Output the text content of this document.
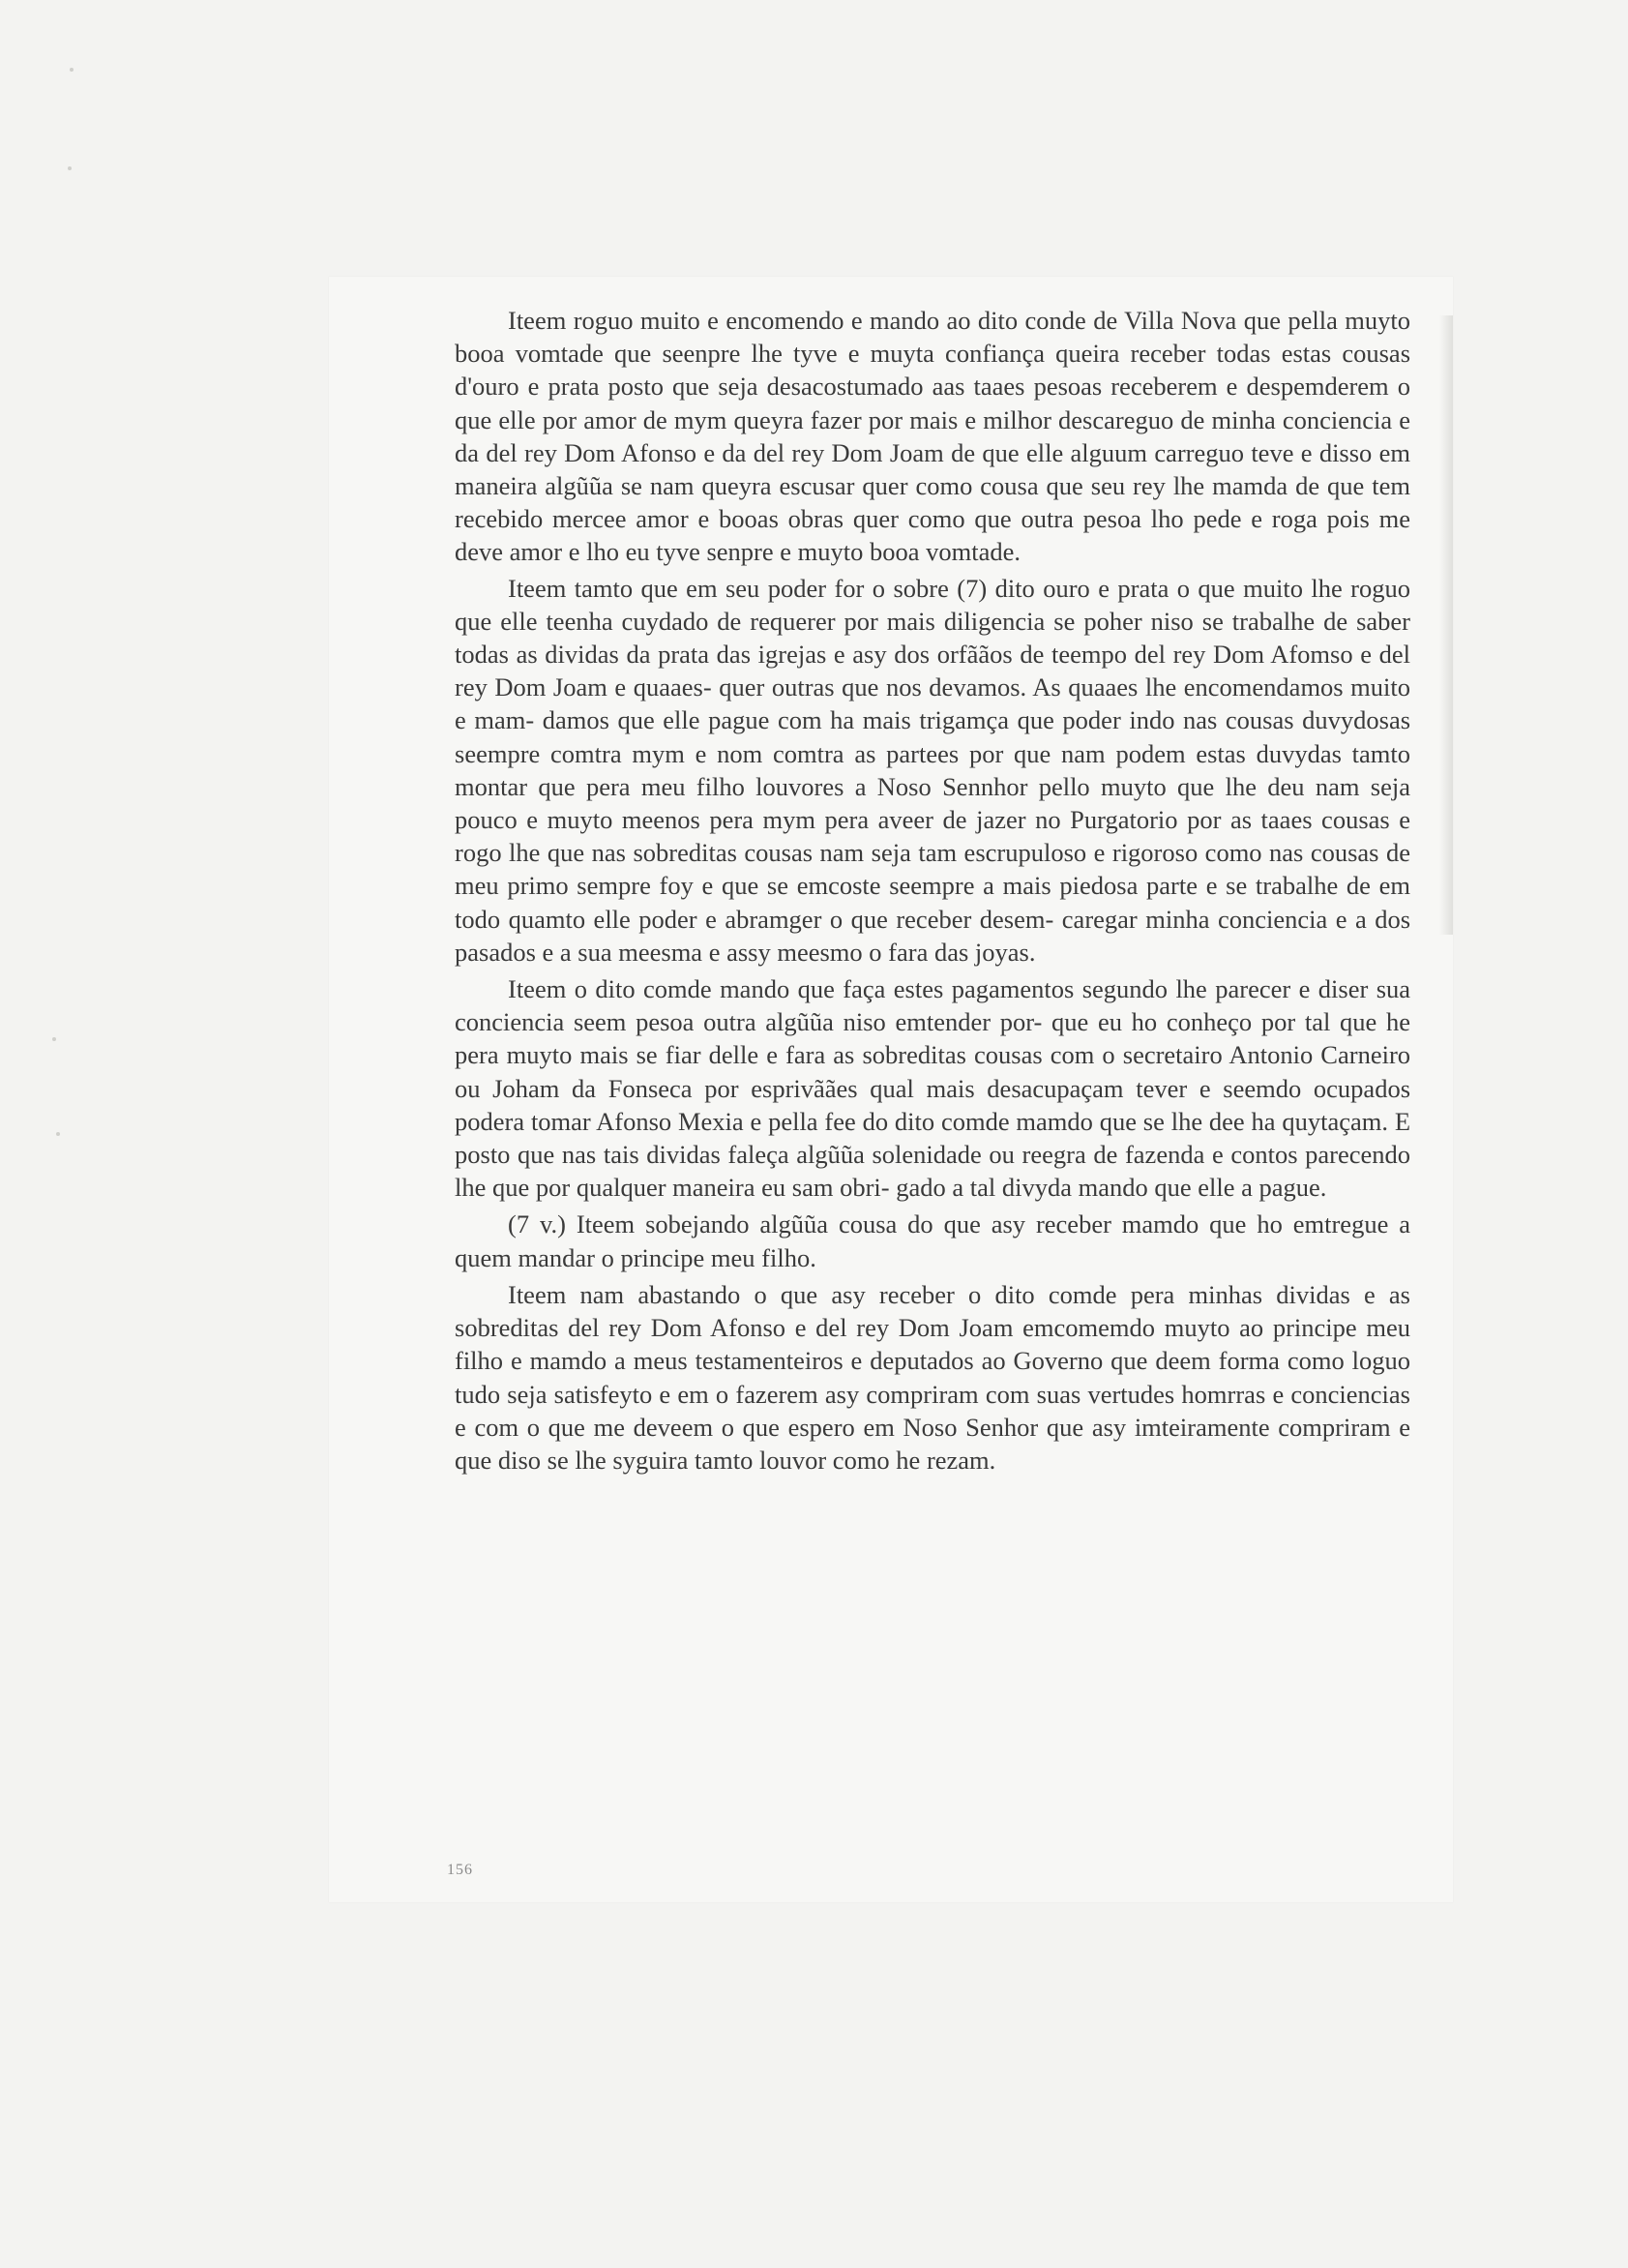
Iteem roguo muito e encomendo e mando ao dito conde de Villa Nova que pella muyto booa vomtade que seenpre lhe tyve e muyta confiança queira receber todas estas cousas d'ouro e prata posto que seja desacostumado aas taaes pesoas receberem e despemderem o que elle por amor de mym queyra fazer por mais e milhor descareguo de minha conciencia e da del rey Dom Afonso e da del rey Dom Joam de que elle alguum carreguo teve e disso em maneira algũũa se nam queyra escusar quer como cousa que seu rey lhe mamda de que tem recebido mercee amor e booas obras quer como que outra pesoa lho pede e roga pois me deve amor e lho eu tyve senpre e muyto booa vomtade.

Iteem tamto que em seu poder for o sobre (7) dito ouro e prata o que muito lhe roguo que elle teenha cuydado de requerer por mais diligencia se poher niso se trabalhe de saber todas as dividas da prata das igrejas e asy dos orfããos de teempo del rey Dom Afomso e del rey Dom Joam e quaaes- quer outras que nos devamos. As quaaes lhe encomendamos muito e mam- damos que elle pague com ha mais trigamça que poder indo nas cousas duvydosas seempre comtra mym e nom comtra as partees por que nam podem estas duvydas tamto montar que pera meu filho louvores a Noso Sennhor pello muyto que lhe deu nam seja pouco e muyto meenos pera mym pera aveer de jazer no Purgatorio por as taaes cousas e rogo lhe que nas sobreditas cousas nam seja tam escrupuloso e rigoroso como nas cousas de meu primo sempre foy e que se emcoste seempre a mais piedosa parte e se trabalhe de em todo quamto elle poder e abramger o que receber desem- caregar minha conciencia e a dos pasados e a sua meesma e assy meesmo o fara das joyas.

Iteem o dito comde mando que faça estes pagamentos segundo lhe parecer e diser sua conciencia seem pesoa outra algũũa niso emtender por- que eu ho conheço por tal que he pera muyto mais se fiar delle e fara as sobreditas cousas com o secretairo Antonio Carneiro ou Joham da Fonseca por esprivãães qual mais desacupaçam tever e seemdo ocupados podera tomar Afonso Mexia e pella fee do dito comde mamdo que se lhe dee ha quytaçam. E posto que nas tais dividas faleça algũũa solenidade ou reegra de fazenda e contos parecendo lhe que por qualquer maneira eu sam obri- gado a tal divyda mando que elle a pague.

(7 v.) Iteem sobejando algũũa cousa do que asy receber mamdo que ho emtregue a quem mandar o principe meu filho.

Iteem nam abastando o que asy receber o dito comde pera minhas dividas e as sobreditas del rey Dom Afonso e del rey Dom Joam emcomemdo muyto ao principe meu filho e mamdo a meus testamenteiros e deputados ao Governo que deem forma como loguo tudo seja satisfeyto e em o fazerem asy compriram com suas vertudes homrras e conciencias e com o que me deveem o que espero em Noso Senhor que asy imteiramente compriram e que diso se lhe syguira tamto louvor como he rezam.

156
